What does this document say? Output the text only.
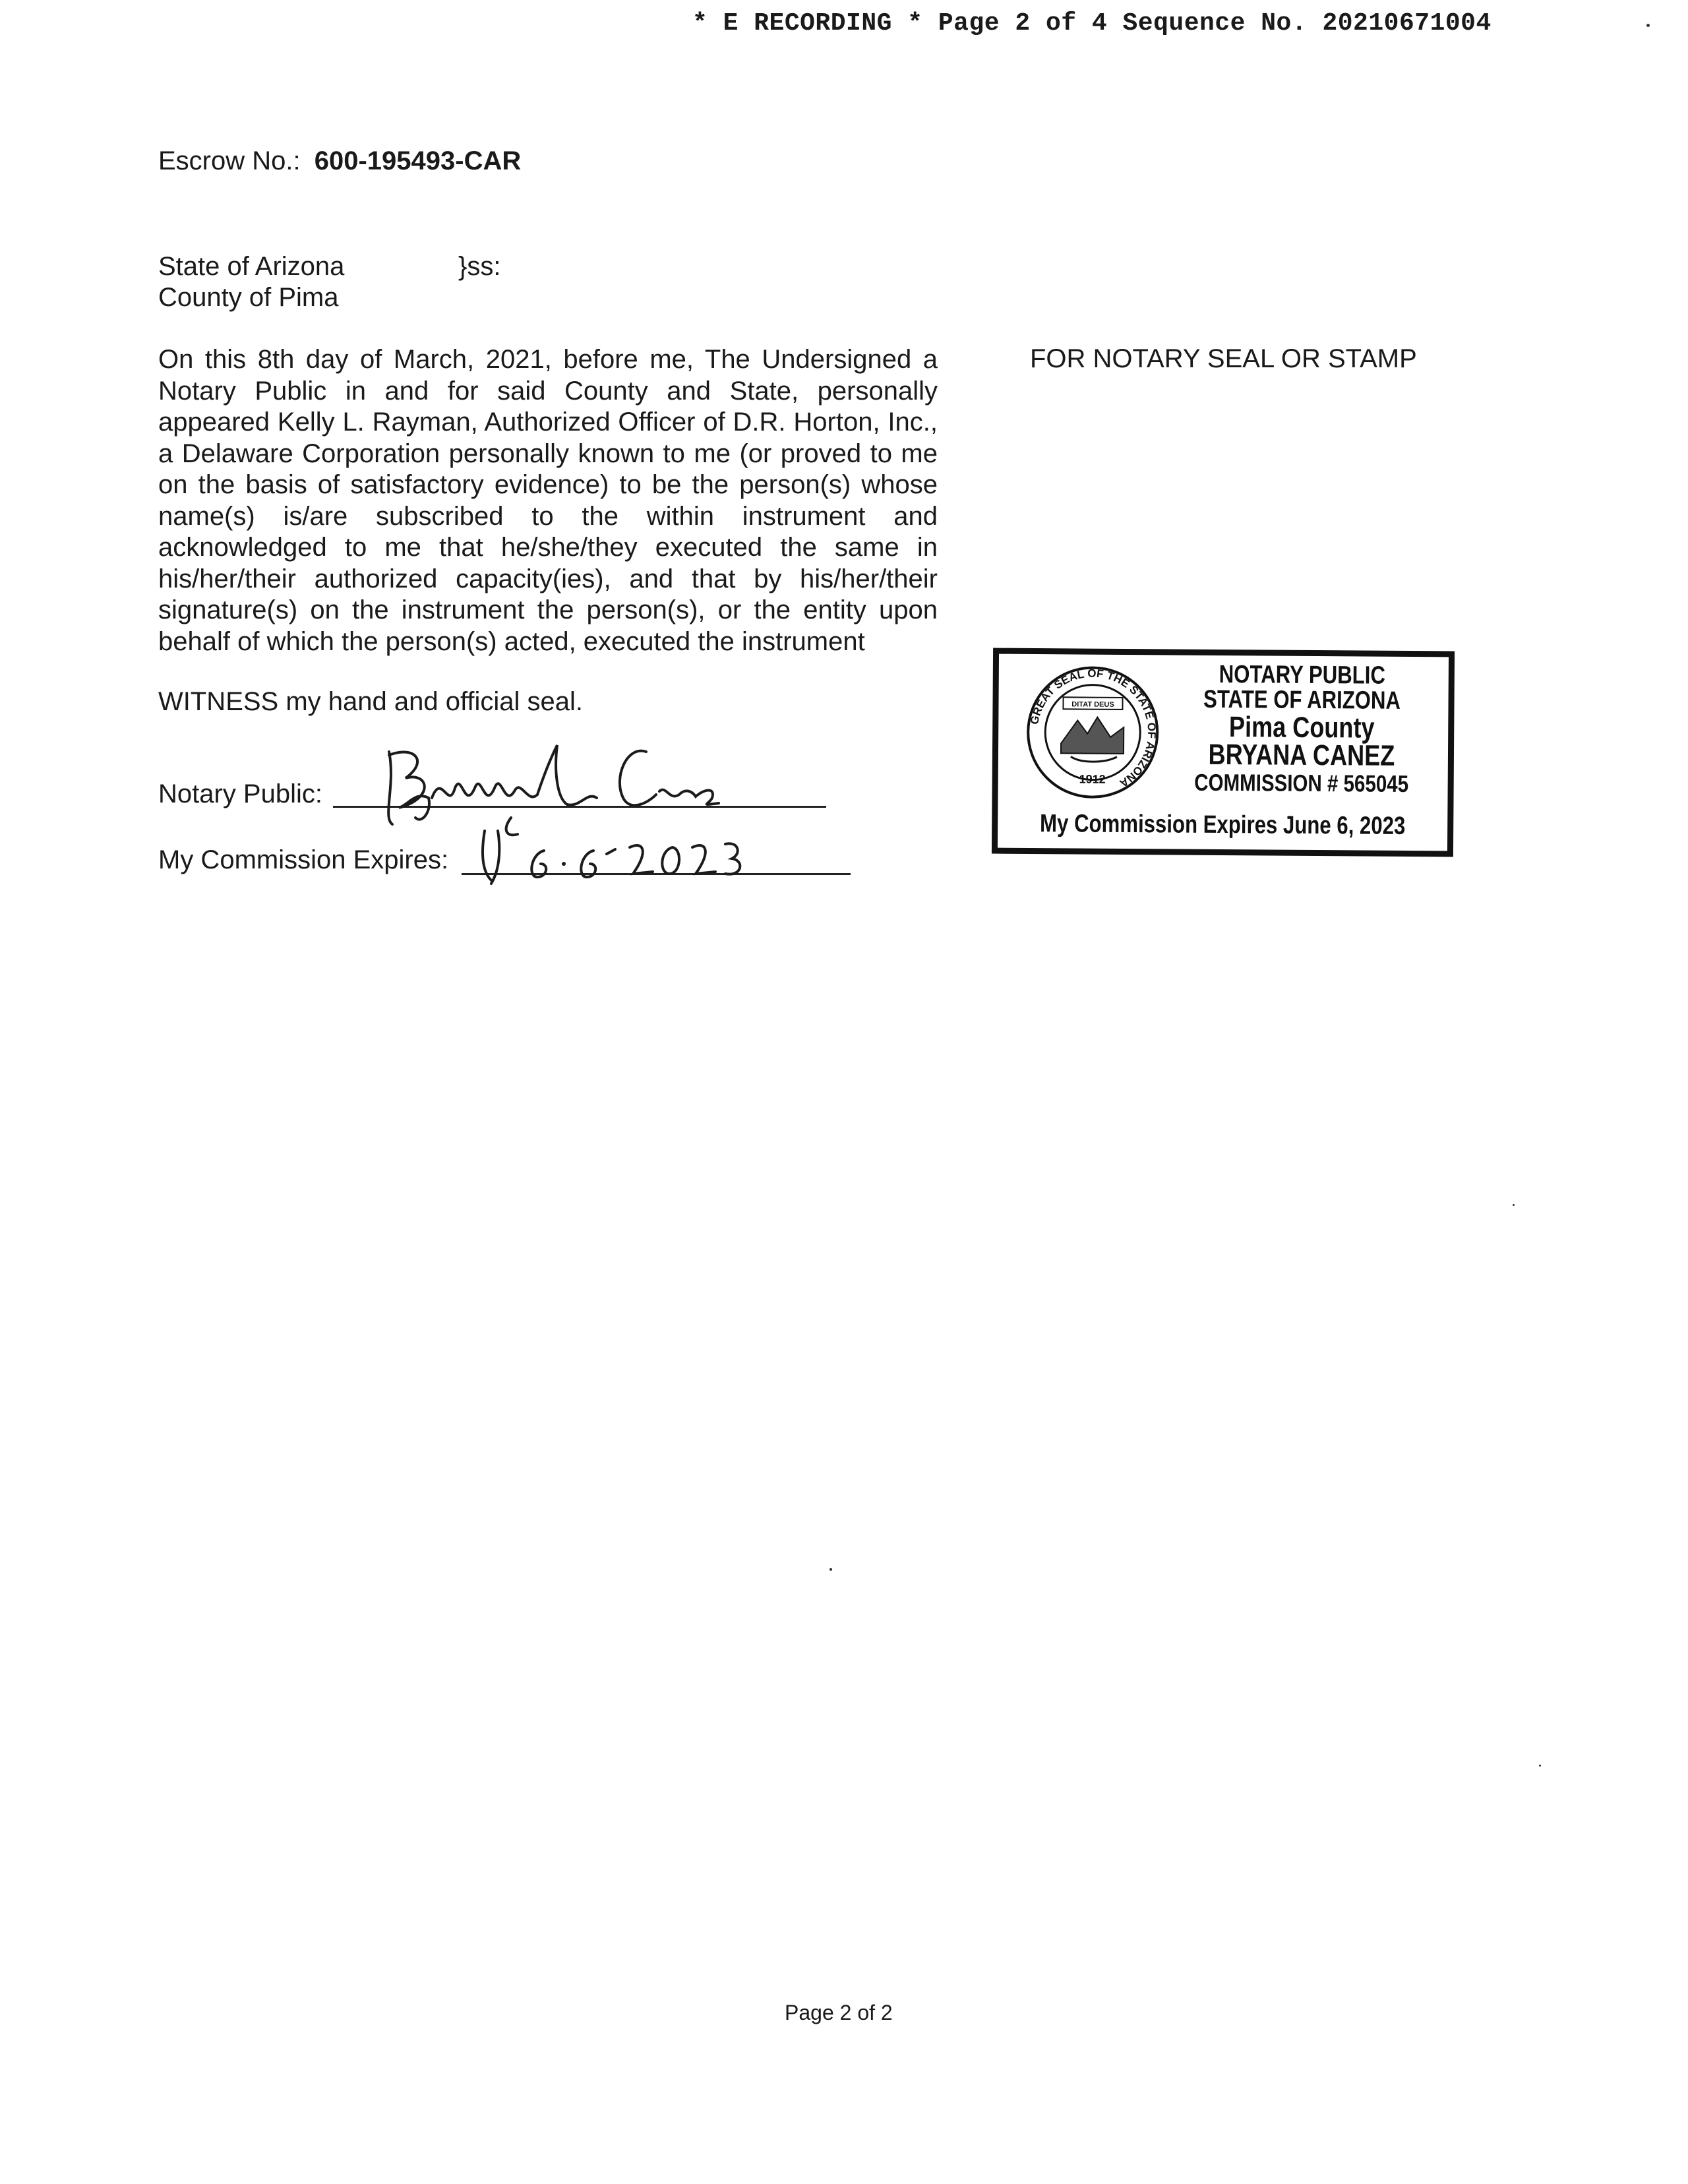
* E RECORDING * Page 2 of 4 Sequence No. 20210671004
Escrow No.: 600-195493-CAR
State of Arizona	}ss:
County of Pima
On this 8th day of March, 2021, before me, The Undersigned a Notary Public in and for said County and State, personally appeared Kelly L. Rayman, Authorized Officer of D.R. Horton, Inc., a Delaware Corporation personally known to me (or proved to me on the basis of satisfactory evidence) to be the person(s) whose name(s) is/are subscribed to the within instrument and acknowledged to me that he/she/they executed the same in his/her/their authorized capacity(ies), and that by his/her/their signature(s) on the instrument the person(s), or the entity upon behalf of which the person(s) acted, executed the instrument
FOR NOTARY SEAL OR STAMP
WITNESS my hand and official seal.
Notary Public:
My Commission Expires:
GREAT SEAL OF THE STATE OF ARIZONA
DITAT DEUS
1912
NOTARY PUBLIC
STATE OF ARIZONA
Pima County
BRYANA CANEZ
COMMISSION # 565045
My Commission Expires June 6, 2023
Page 2 of 2
